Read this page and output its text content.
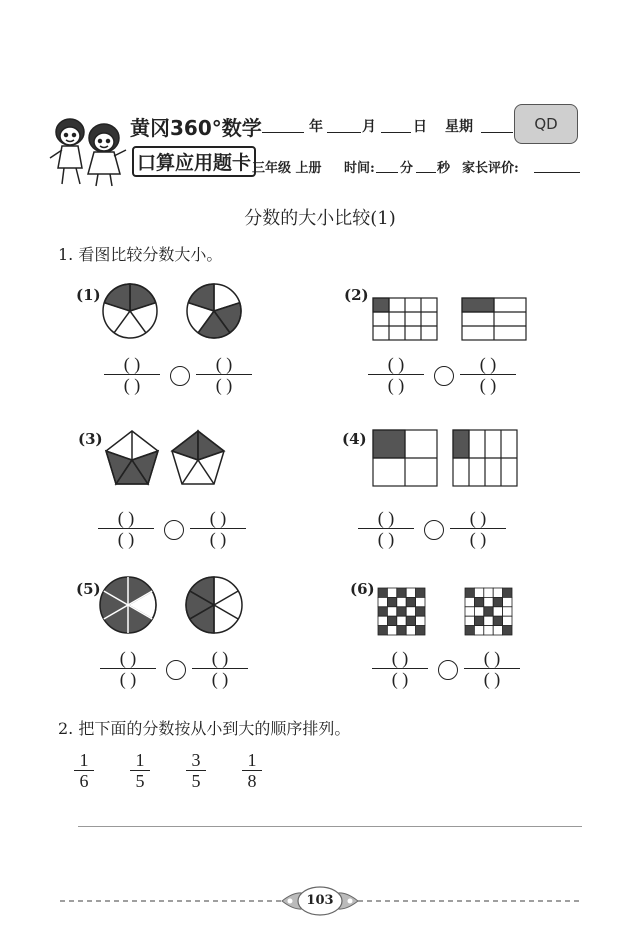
黄冈360°数学
口算应用题卡
年	月	日 星期	QD
三年级 上册 时间: 分 秒 家长评价:
分数的大小比较(1)
1. 看图比较分数大小。
(1)	(2)
(3)	(4)
(5)	(6)
( )
( )
( )
( )
( )
( )
( )
( )
( )
( )
( )
( )
( )
( )
( )
( )
( )
( )
( )
( )
( )
( )
( )
( )
2. 把下面的分数按从小到大的顺序排列。
$\frac{1}{6} \frac{1}{5} \frac{3}{5} \frac{1}{8}$
103
